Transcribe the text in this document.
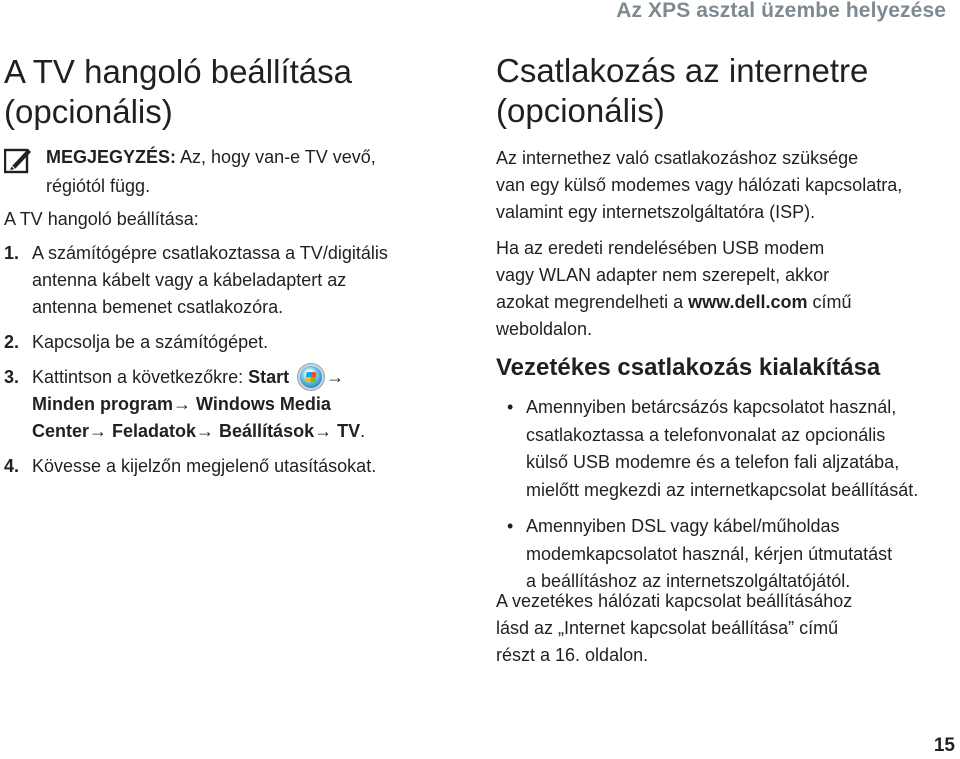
Az XPS asztal üzembe helyezése
A TV hangoló beállítása
(opcionális)
MEGJEGYZÉS: Az, hogy van-e TV vevő,
régiótól függ.
A TV hangoló beállítása:
1. A számítógépre csatlakoztassa a TV/digitális
antenna kábelt vagy a kábeladaptert az
antenna bemenet csatlakozóra.
2. Kapcsolja be a számítógépet.
3. Kattintson a következőkre: Start →
Minden program→ Windows Media
Center→ Feladatok→ Beállítások→ TV.
4. Kövesse a kijelzőn megjelenő utasításokat.
Csatlakozás az internetre
(opcionális)
Az internethez való csatlakozáshoz szüksége
van egy külső modemes vagy hálózati kapcsolatra,
valamint egy internetszolgáltatóra (ISP).
Ha az eredeti rendelésében USB modem
vagy WLAN adapter nem szerepelt, akkor
azokat megrendelheti a www.dell.com című
weboldalon.
Vezetékes csatlakozás kialakítása
• Amennyiben betárcsázós kapcsolatot használ,
csatlakoztassa a telefonvonalat az opcionális
külső USB modemre és a telefon fali aljzatába,
mielőtt megkezdi az internetkapcsolat beállítását.
• Amennyiben DSL vagy kábel/műholdas
modemkapcsolatot használ, kérjen útmutatást
a beállításhoz az internetszolgáltatójától.
A vezetékes hálózati kapcsolat beállításához
lásd az „Internet kapcsolat beállítása” című
részt a 16. oldalon.
15
